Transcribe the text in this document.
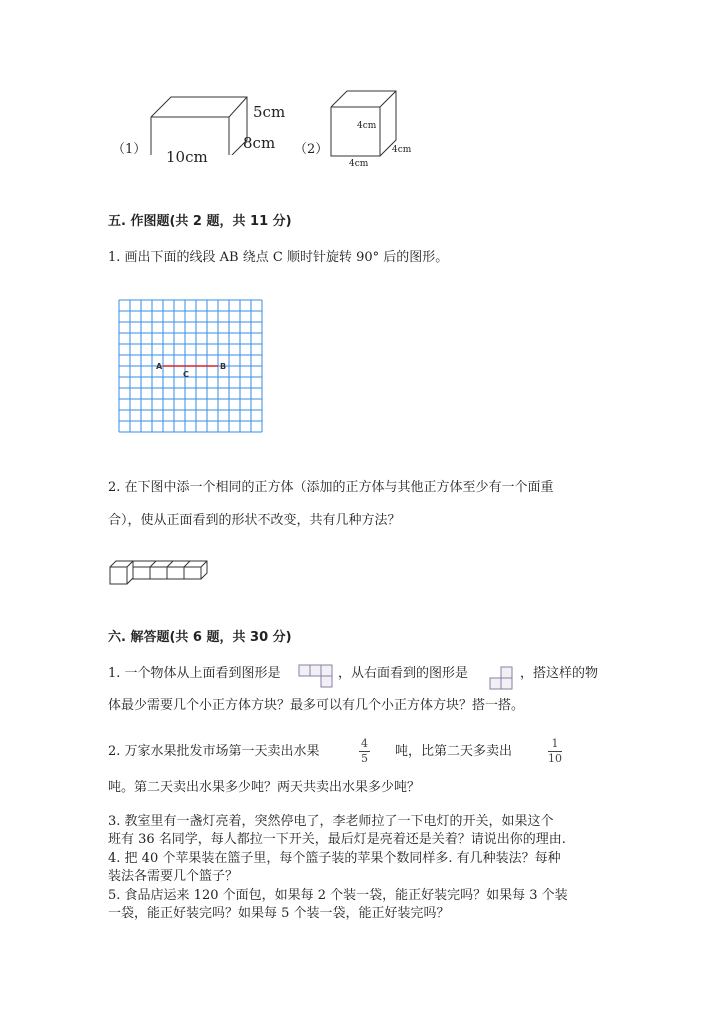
（1）
5cm
8cm
10cm	（2）
4cm
4cm
4cm
五. 作图题(共 2 题，共 11 分)
1. 画出下面的线段 AB 绕点 C 顺时针旋转 90° 后的图形。
A	B
C
2. 在下图中添一个相同的正方体（添加的正方体与其他正方体至少有一个面重
合），使从正面看到的形状不改变，共有几种方法？
六. 解答题(共 6 题，共 30 分)
1. 一个物体从上面看到图形是	，从右面看到的图形是	，搭这样的物
体最少需要几个小正方体方块？最多可以有几个小正方体方块？搭一搭。
2. 万家水果批发市场第一天卖出水果	$\frac{4}{5}$ 吨，比第二天多卖出	$\frac{1}{10}$
吨。第二天卖出水果多少吨？两天共卖出水果多少吨？
3. 教室里有一盏灯亮着，突然停电了，李老师拉了一下电灯的开关，如果这个
班有 36 名同学，每人都拉一下开关，最后灯是亮着还是关着？请说出你的理由.
4. 把 40 个苹果装在篮子里，每个篮子装的苹果个数同样多. 有几种装法？每种
装法各需要几个篮子？
5. 食品店运来 120 个面包，如果每 2 个装一袋，能正好装完吗？如果每 3 个装
一袋，能正好装完吗？如果每 5 个装一袋，能正好装完吗？
